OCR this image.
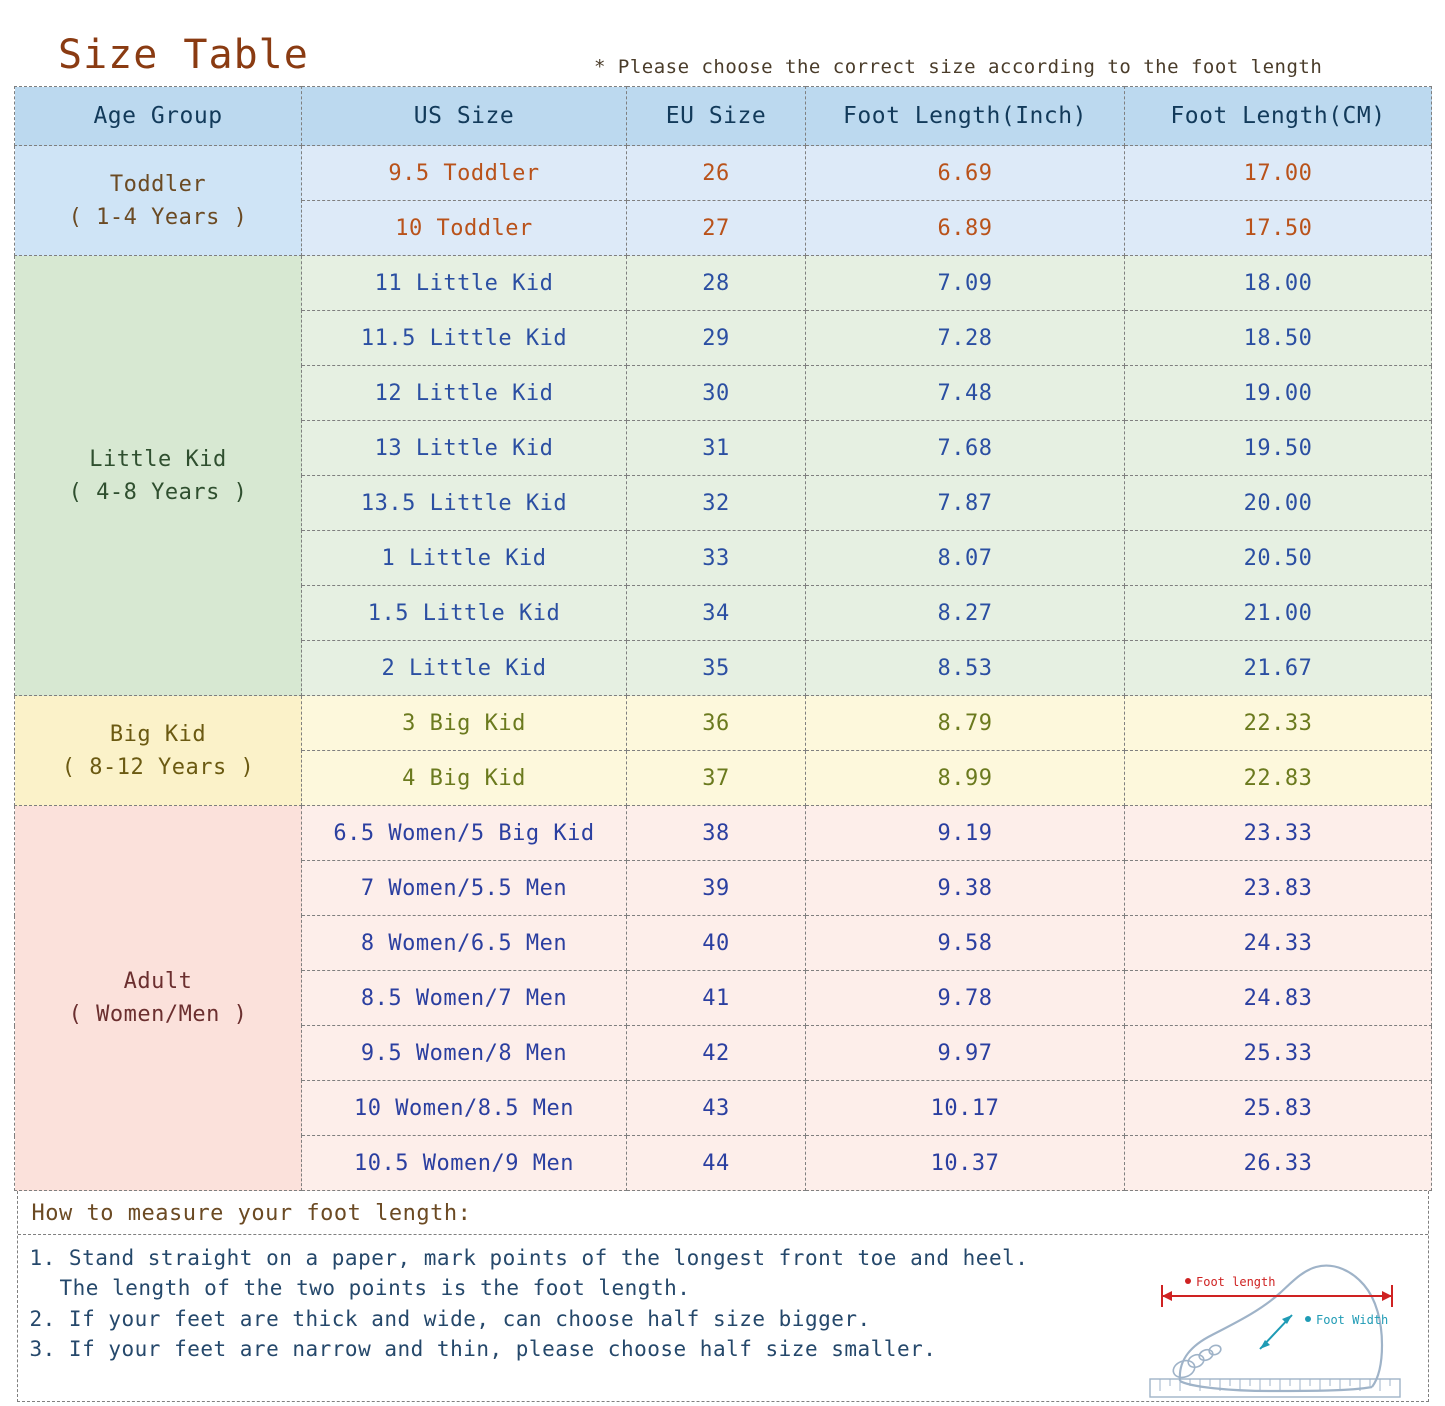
Size Table	* Please choose the correct size according to the foot length
Age Group	US Size	EU Size	Foot Length(Inch)	Foot Length(CM)

Toddler
( 1-4 Years )	9.5 Toddler	26	6.69	17.00
	10 Toddler	27	6.89	17.50

Little Kid
( 4-8 Years )	11 Little Kid	28	7.09	18.00
	11.5 Little Kid	29	7.28	18.50
	12 Little Kid	30	7.48	19.00
	13 Little Kid	31	7.68	19.50
	13.5 Little Kid	32	7.87	20.00
	1 Little Kid	33	8.07	20.50
	1.5 Little Kid	34	8.27	21.00
	2 Little Kid	35	8.53	21.67

Big Kid
( 8-12 Years )	3 Big Kid	36	8.79	22.33
	4 Big Kid	37	8.99	22.83

Adult
( Women/Men )	6.5 Women/5 Big Kid	38	9.19	23.33
	7 Women/5.5 Men	39	9.38	23.83
	8 Women/6.5 Men	40	9.58	24.33
	8.5 Women/7 Men	41	9.78	24.83
	9.5 Women/8 Men	42	9.97	25.33
	10 Women/8.5 Men	43	10.17	25.83
	10.5 Women/9 Men	44	10.37	26.33
How to measure your foot length:
1. Stand straight on a paper, mark points of the longest front toe and heel.
The length of the two points is the foot length.
2. If your feet are thick and wide, can choose half size bigger.
3. If your feet are narrow and thin, please choose half size smaller.
Foot length
Foot Width
